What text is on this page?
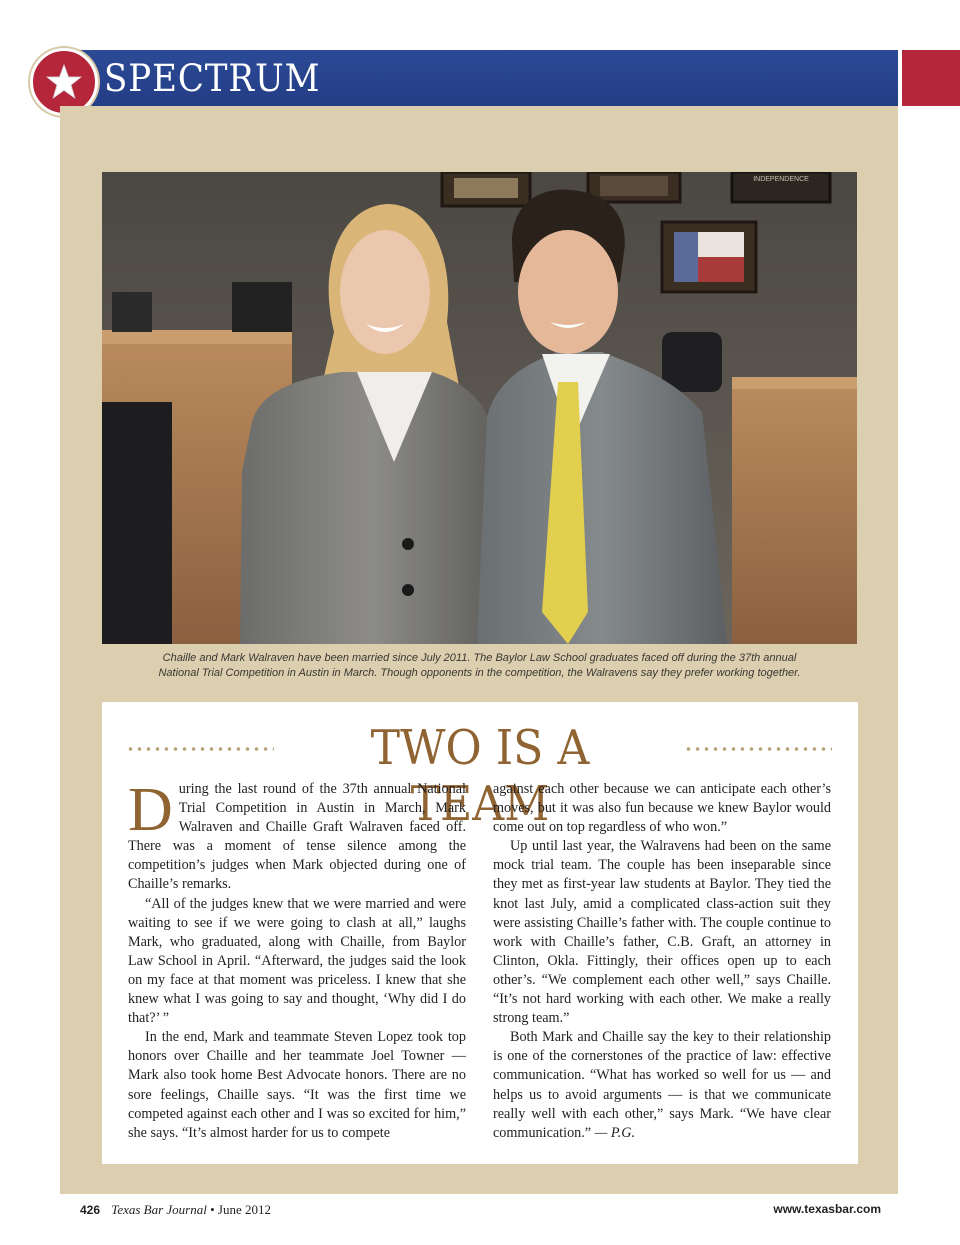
SPECTRUM
INDEPENDENCE
Chaille and Mark Walraven have been married since July 2011. The Baylor Law School graduates faced off during the 37th annual
National Trial Competition in Austin in March. Though opponents in the competition, the Walravens say they prefer working together.
TWO IS A TEAM

During the last round of the 37th annual National Trial Competition in Austin in March, Mark Walraven and Chaille Graft Walraven faced off. There was a moment of tense silence among the competition’s judges when Mark objected during one of Chaille’s remarks.

“All of the judges knew that we were married and were waiting to see if we were going to clash at all,” laughs Mark, who graduated, along with Chaille, from Baylor Law School in April. “Afterward, the judges said the look on my face at that moment was priceless. I knew that she knew what I was going to say and thought, ‘Why did I do that?’ ”

In the end, Mark and teammate Steven Lopez took top honors over Chaille and her teammate Joel Towner — Mark also took home Best Advocate honors. There are no sore feelings, Chaille says. “It was the first time we competed against each other and I was so excited for him,” she says. “It’s almost harder for us to compete

against each other because we can anticipate each other’s moves, but it was also fun because we knew Baylor would come out on top regardless of who won.”

Up until last year, the Walravens had been on the same mock trial team. The couple has been inseparable since they met as first-year law students at Baylor. They tied the knot last July, amid a complicated class-action suit they were assisting Chaille’s father with. The couple continue to work with Chaille’s father, C.B. Graft, an attorney in Clinton, Okla. Fittingly, their offices open up to each other’s. “We complement each other well,” says Chaille. “It’s not hard working with each other. We make a really strong team.”

Both Mark and Chaille say the key to their relationship is one of the cornerstones of the practice of law: effective communication. “What has worked so well for us — and helps us to avoid arguments — is that we communicate really well with each other,” says Mark. “We have clear communication.” — P.G.

426 Texas Bar Journal • June 2012	www.texasbar.com
